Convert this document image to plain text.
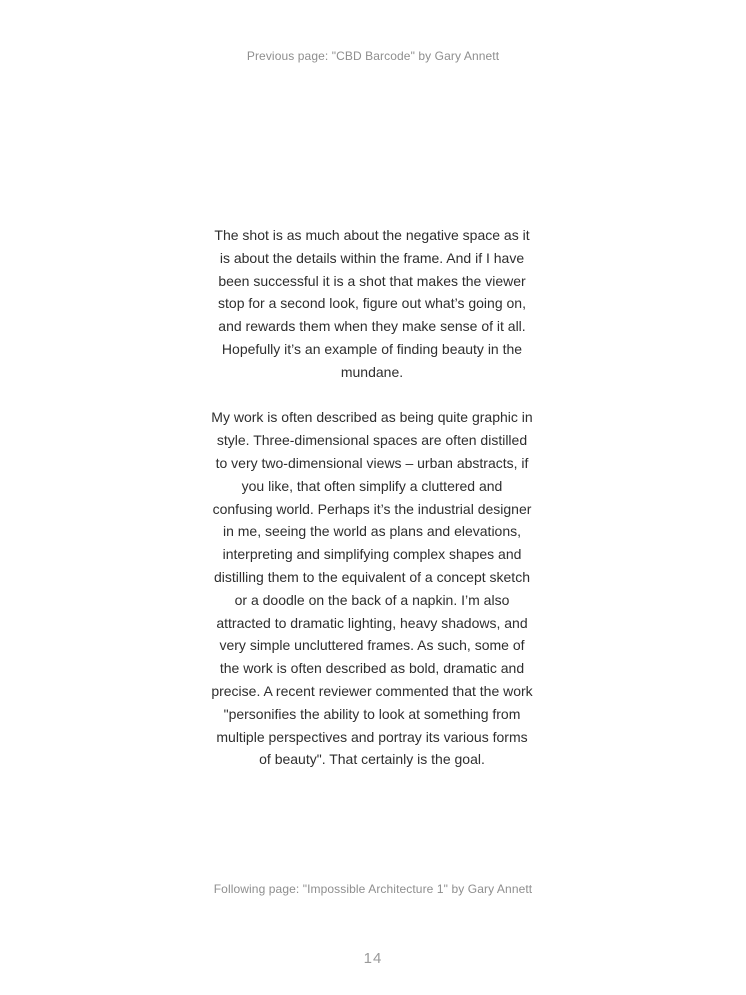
Previous page: "CBD Barcode" by Gary Annett

The shot is as much about the negative space as it is about the details within the frame. And if I have been successful it is a shot that makes the viewer stop for a second look, figure out what’s going on, and rewards them when they make sense of it all. Hopefully it’s an example of finding beauty in the mundane.

My work is often described as being quite graphic in style. Three-dimensional spaces are often distilled to very two-dimensional views – urban abstracts, if you like, that often simplify a cluttered and confusing world. Perhaps it’s the industrial designer in me, seeing the world as plans and elevations, interpreting and simplifying complex shapes and distilling them to the equivalent of a concept sketch or a doodle on the back of a napkin. I’m also attracted to dramatic lighting, heavy shadows, and very simple uncluttered frames. As such, some of the work is often described as bold, dramatic and precise. A recent reviewer commented that the work "personifies the ability to look at something from multiple perspectives and portray its various forms of beauty". That certainly is the goal.

Following page: "Impossible Architecture 1" by Gary Annett
14
